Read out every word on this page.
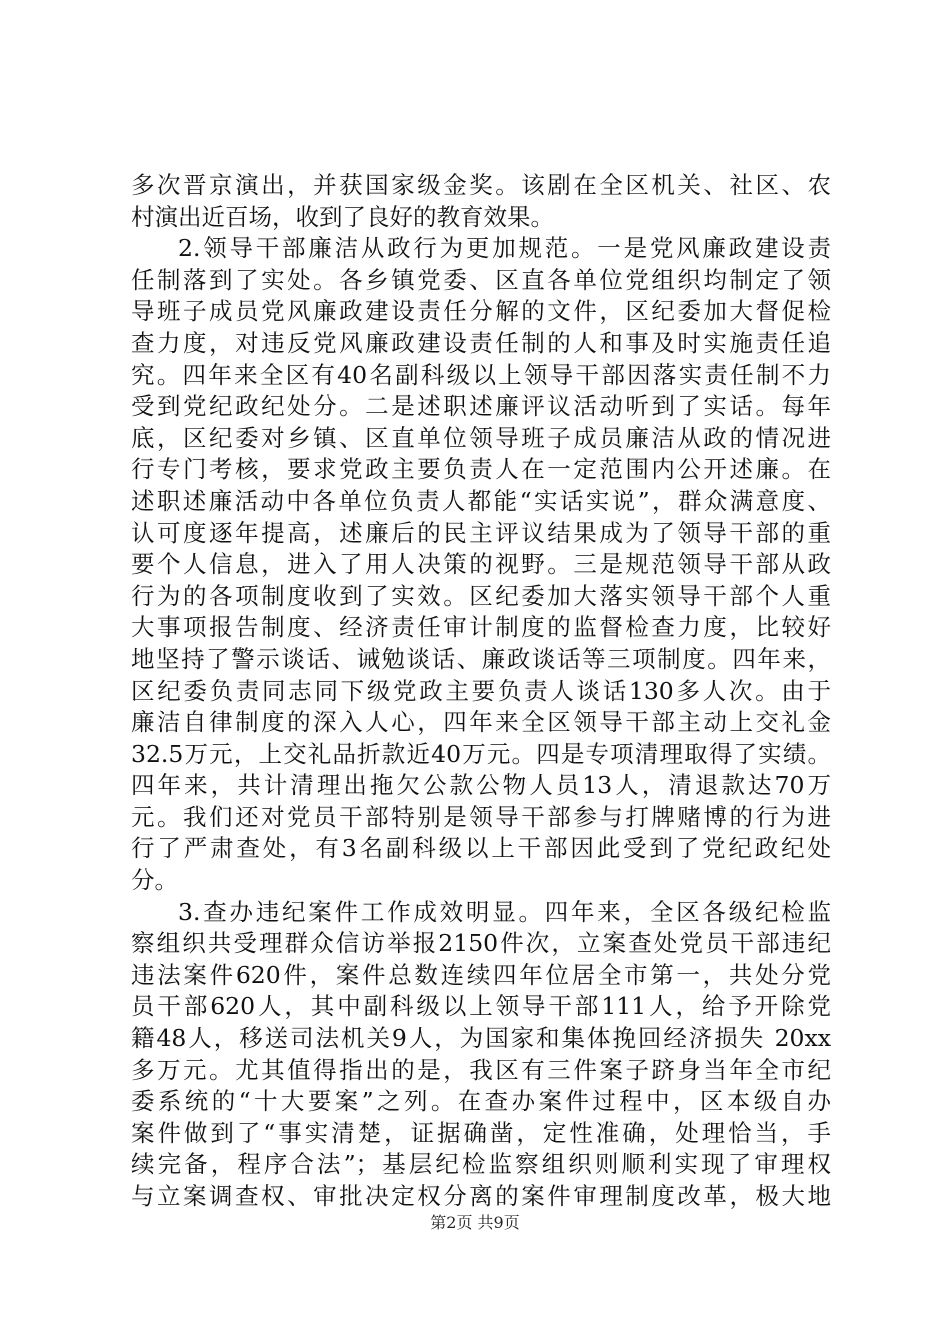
多次晋京演出，并获国家级金奖。该剧在全区机关、社区、农
村演出近百场，收到了良好的教育效果。
2.领导干部廉洁从政行为更加规范。一是党风廉政建设责
任制落到了实处。各乡镇党委、区直各单位党组织均制定了领
导班子成员党风廉政建设责任分解的文件，区纪委加大督促检
查力度，对违反党风廉政建设责任制的人和事及时实施责任追
究。四年来全区有40名副科级以上领导干部因落实责任制不力
受到党纪政纪处分。二是述职述廉评议活动听到了实话。每年
底，区纪委对乡镇、区直单位领导班子成员廉洁从政的情况进
行专门考核，要求党政主要负责人在一定范围内公开述廉。在
述职述廉活动中各单位负责人都能“实话实说”，群众满意度、
认可度逐年提高，述廉后的民主评议结果成为了领导干部的重
要个人信息，进入了用人决策的视野。三是规范领导干部从政
行为的各项制度收到了实效。区纪委加大落实领导干部个人重
大事项报告制度、经济责任审计制度的监督检查力度，比较好
地坚持了警示谈话、诫勉谈话、廉政谈话等三项制度。四年来，
区纪委负责同志同下级党政主要负责人谈话130多人次。由于
廉洁自律制度的深入人心，四年来全区领导干部主动上交礼金
32.5万元，上交礼品折款近40万元。四是专项清理取得了实绩。
四年来，共计清理出拖欠公款公物人员13人，清退款达70万
元。我们还对党员干部特别是领导干部参与打牌赌博的行为进
行了严肃查处，有3名副科级以上干部因此受到了党纪政纪处
分。
3.查办违纪案件工作成效明显。四年来，全区各级纪检监
察组织共受理群众信访举报2150件次，立案查处党员干部违纪
违法案件620件，案件总数连续四年位居全市第一，共处分党
员干部620人，其中副科级以上领导干部111人，给予开除党
籍48人，移送司法机关9人，为国家和集体挽回经济损失 20xx
多万元。尤其值得指出的是，我区有三件案子跻身当年全市纪
委系统的“十大要案”之列。在查办案件过程中，区本级自办
案件做到了“事实清楚，证据确凿，定性准确，处理恰当，手
续完备，程序合法”；基层纪检监察组织则顺利实现了审理权
与立案调查权、审批决定权分离的案件审理制度改革，极大地
第2页 共9页
